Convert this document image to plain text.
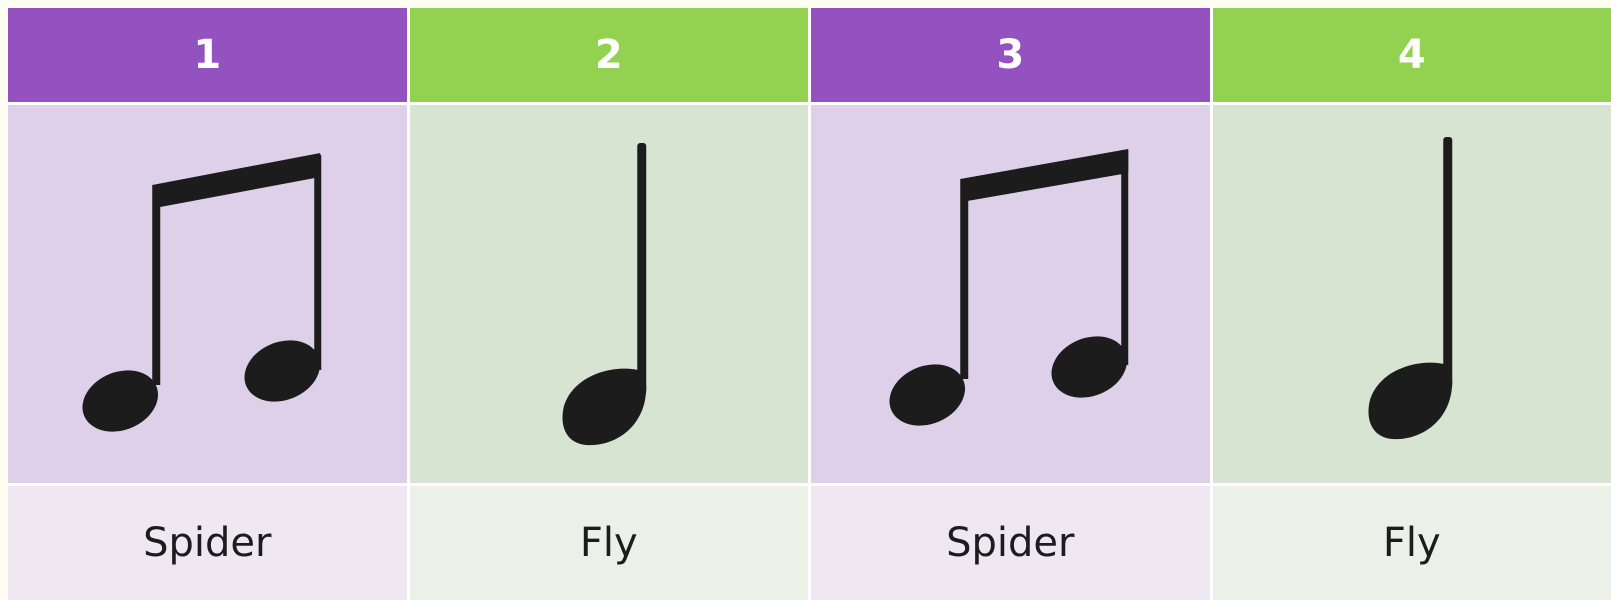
1	2	3	4
Spider	Fly	Spider	Fly
